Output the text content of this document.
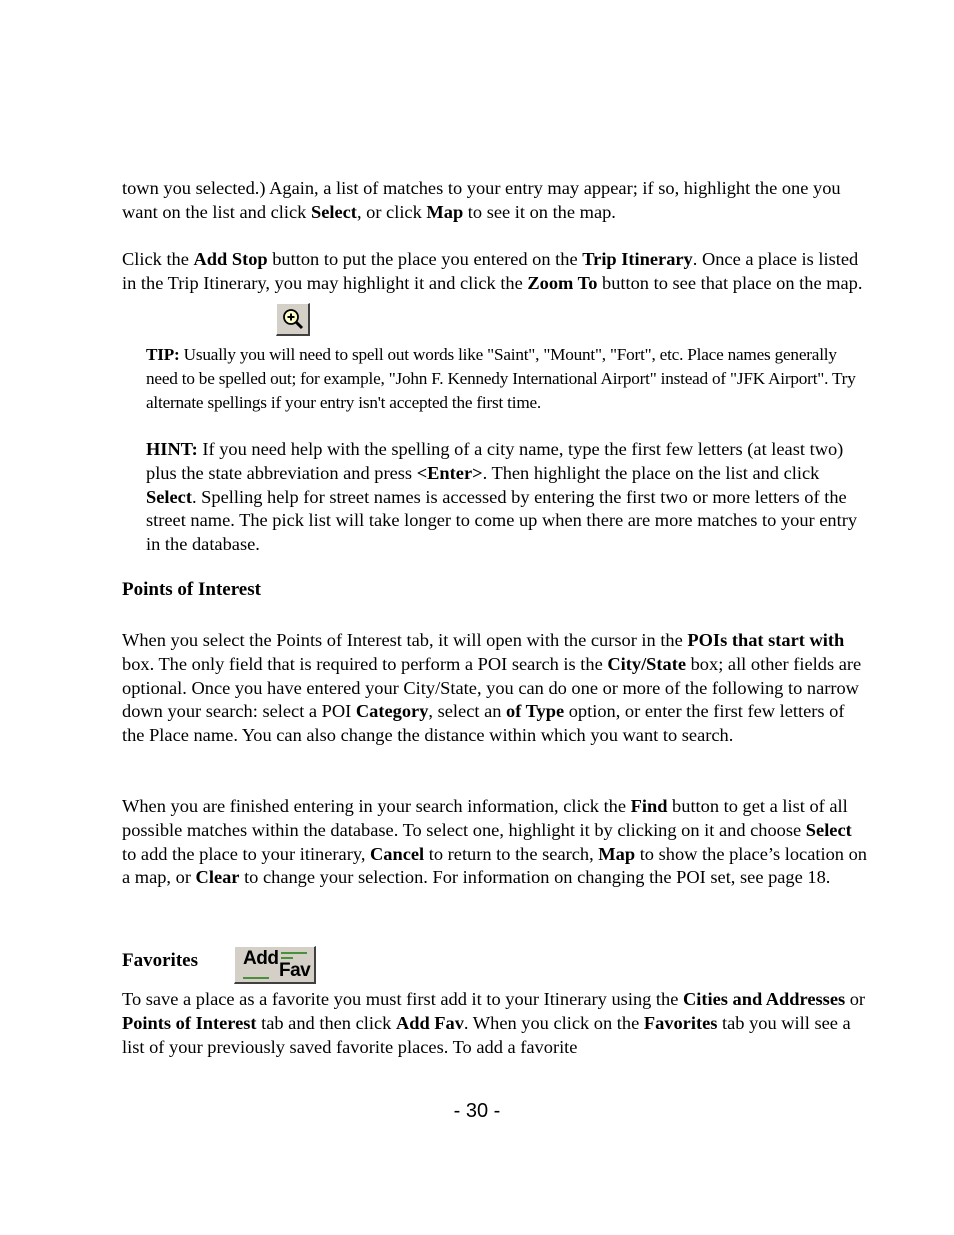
town you selected.) Again, a list of matches to your entry may appear; if so, highlight the one you want on the list and click Select, or click Map to see it on the map.

Click the Add Stop button to put the place you entered on the Trip Itinerary. Once a place is listed in the Trip Itinerary, you may highlight it and click the Zoom To button to see that place on the map.

TIP: Usually you will need to spell out words like "Saint", "Mount", "Fort", etc. Place names generally need to be spelled out; for example, "John F. Kennedy International Airport" instead of "JFK Airport". Try alternate spellings if your entry isn't accepted the first time.

HINT: If you need help with the spelling of a city name, type the first few letters (at least two) plus the state abbreviation and press <Enter>. Then highlight the place on the list and click Select. Spelling help for street names is accessed by entering the first two or more letters of the street name. The pick list will take longer to come up when there are more matches to your entry in the database.

Points of Interest

When you select the Points of Interest tab, it will open with the cursor in the POIs that start with box. The only field that is required to perform a POI search is the City/State box; all other fields are optional. Once you have entered your City/State, you can do one or more of the following to narrow down your search: select a POI Category, select an of Type option, or enter the first few letters of the Place name. You can also change the distance within which you want to search.

When you are finished entering in your search information, click the Find button to get a list of all possible matches within the database. To select one, highlight it by clicking on it and choose Select to add the place to your itinerary, Cancel to return to the search, Map to show the place’s location on a map, or Clear to change your selection. For information on changing the POI set, see page 18.

Favorites Add
Fav

To save a place as a favorite you must first add it to your Itinerary using the Cities and Addresses or Points of Interest tab and then click Add Fav. When you click on the Favorites tab you will see a list of your previously saved favorite places. To add a favorite

- 30 -
